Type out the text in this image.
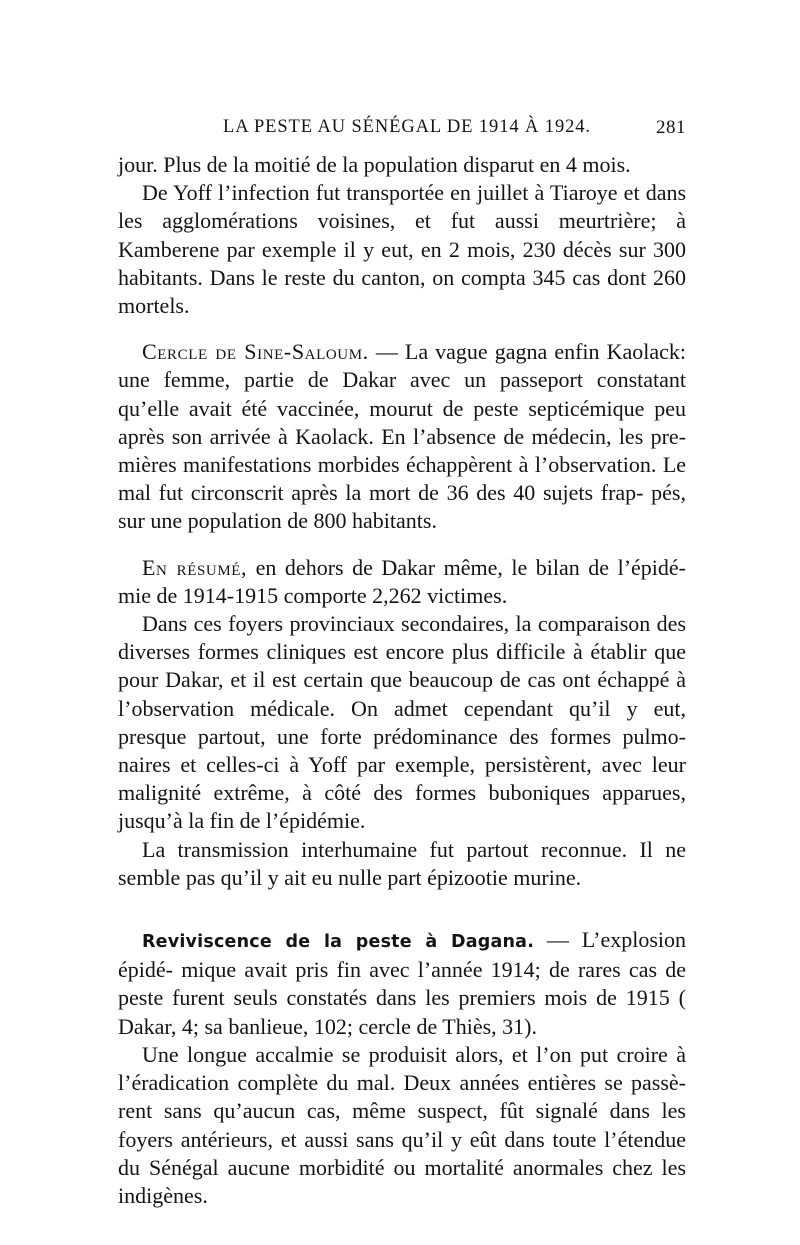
LA PESTE AU SÉNÉGAL DE 1914 À 1924.	281

jour. Plus de la moitié de la population disparut en 4 mois.

De Yoff l’infection fut transportée en juillet à Tiaroye et dans les agglomérations voisines, et fut aussi meurtrière; à Kamberene par exemple il y eut, en 2 mois, 230 décès sur 300 habitants. Dans le reste du canton, on compta 345 cas dont 260 mortels.

Cercle de Sine-Saloum. — La vague gagna enfin Kaolack: une femme, partie de Dakar avec un passeport constatant qu’elle avait été vaccinée, mourut de peste septicémique peu après son arrivée à Kaolack. En l’absence de médecin, les pre- mières manifestations morbides échappèrent à l’observation. Le mal fut circonscrit après la mort de 36 des 40 sujets frap- pés, sur une population de 800 habitants.

En résumé, en dehors de Dakar même, le bilan de l’épidé- mie de 1914-1915 comporte 2,262 victimes.

Dans ces foyers provinciaux secondaires, la comparaison des diverses formes cliniques est encore plus difficile à établir que pour Dakar, et il est certain que beaucoup de cas ont échappé à l’observation médicale. On admet cependant qu’il y eut, presque partout, une forte prédominance des formes pulmo- naires et celles-ci à Yoff par exemple, persistèrent, avec leur malignité extrême, à côté des formes buboniques apparues, jusqu’à la fin de l’épidémie.

La transmission interhumaine fut partout reconnue. Il ne semble pas qu’il y ait eu nulle part épizootie murine.

Reviviscence de la peste à Dagana. — L’explosion épidé- mique avait pris fin avec l’année 1914; de rares cas de peste furent seuls constatés dans les premiers mois de 1915 ( Dakar, 4; sa banlieue, 102; cercle de Thiès, 31).

Une longue accalmie se produisit alors, et l’on put croire à l’éradication complète du mal. Deux années entières se passè- rent sans qu’aucun cas, même suspect, fût signalé dans les foyers antérieurs, et aussi sans qu’il y eût dans toute l’étendue du Sénégal aucune morbidité ou mortalité anormales chez les indigènes.
